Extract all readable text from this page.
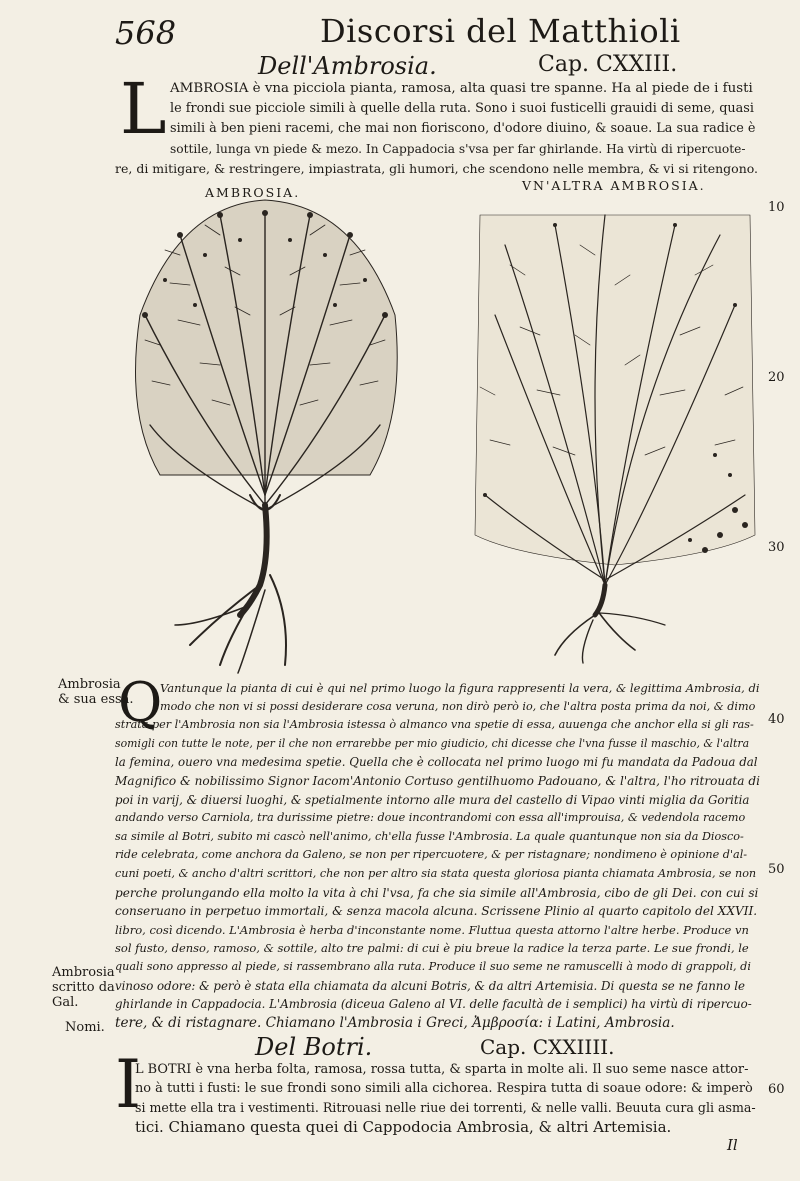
568	Discorsi del Matthioli
Dell'Ambrosia.	Cap. CXXIII.
L AMBROSIA è vna picciola pianta, ramosa, alta quasi tre spanne. Ha al piede de i fusti
le frondi sue picciole simili à quelle della ruta. Sono i suoi fusticelli grauidi di seme, quasi
simili à ben pieni racemi, che mai non fioriscono, d'odore diuino, & soaue. La sua radice è
sottile, lunga vn piede & mezo. In Cappadocia s'vsa per far ghirlande. Ha virtù di ripercuote-
re, di mitigare, & restringere, impiastrata, gli humori, che scendono nelle membra, & vi si ritengono.
AMBROSIA.	VN'ALTRA AMBROSIA.
10
20
30
40
50
60
Ambrosia
& sua essa.
Ambrosia
scritto da
Gal.
Nomi.
Q
Vantunque la pianta di cui è qui nel primo luogo la figura rappresenti la vera, & legittima Ambrosia, di
modo che non vi si possi desiderare cosa veruna, non dirò però io, che l'altra posta prima da noi, & dimo
strata per l'Ambrosia non sia l'Ambrosia istessa ò almanco vna spetie di essa, auuenga che anchor ella si gli ras-
somigli con tutte le note, per il che non errarebbe per mio giudicio, chi dicesse che l'vna fusse il maschio, & l'altra
la femina, ouero vna medesima spetie. Quella che è collocata nel primo luogo mi fu mandata da Padoua dal
Magnifico & nobilissimo Signor Iacom'Antonio Cortuso gentilhuomo Padouano, & l'altra, l'ho ritrouata di
poi in varij, & diuersi luoghi, & spetialmente intorno alle mura del castello di Vipao vinti miglia da Goritia
andando verso Carniola, tra durissime pietre: doue incontrandomi con essa all'improuisa, & vedendola racemo
sa simile al Botri, subito mi cascò nell'animo, ch'ella fusse l'Ambrosia. La quale quantunque non sia da Diosco-
ride celebrata, come anchora da Galeno, se non per ripercuotere, & per ristagnare; nondimeno è opinione d'al-
cuni poeti, & ancho d'altri scrittori, che non per altro sia stata questa gloriosa pianta chiamata Ambrosia, se non
perche prolungando ella molto la vita à chi l'vsa, fa che sia simile all'Ambrosia, cibo de gli Dei. con cui si
conseruano in perpetuo immortali, & senza macola alcuna. Scrissene Plinio al quarto capitolo del XXVII.
libro, così dicendo. L'Ambrosia è herba d'inconstante nome. Fluttua questa attorno l'altre herbe. Produce vn
sol fusto, denso, ramoso, & sottile, alto tre palmi: di cui è piu breue la radice la terza parte. Le sue frondi, le
quali sono appresso al piede, si rassembrano alla ruta. Produce il suo seme ne ramuscelli à modo di grappoli, di
vinoso odore: & però è stata ella chiamata da alcuni Botris, & da altri Artemisia. Di questa se ne fanno le
ghirlande in Cappadocia. L'Ambrosia (diceua Galeno al VI. delle facultà de i semplici) ha virtù di ripercuo-
tere, & di ristagnare. Chiamano l'Ambrosia i Greci, Ἀμβροσία: i Latini, Ambrosia.
Del Botri.	Cap. CXXIIII.
I
L BOTRI è vna herba folta, ramosa, rossa tutta, & sparta in molte ali. Il suo seme nasce attor-
no à tutti i fusti: le sue frondi sono simili alla cichorea. Respira tutta di soaue odore: & imperò
si mette ella tra i vestimenti. Ritrouasi nelle riue dei torrenti, & nelle valli. Beuuta cura gli asma-
tici. Chiamano questa quei di Cappodocia Ambrosia, & altri Artemisia.
Il
